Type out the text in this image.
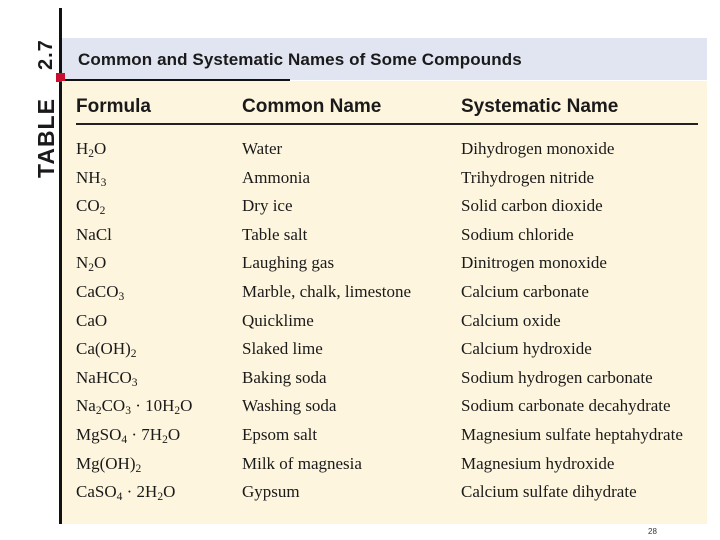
TABLE
2.7 Common and Systematic Names of Some Compounds
Formula	Common Name	Systematic Name
$H_2O$	Water	Dihydrogen monoxide
$NH_3$	Ammonia	Trihydrogen nitride
$CO_2$	Dry ice	Solid carbon dioxide
NaCl	Table salt	Sodium chloride
$N_2O$	Laughing gas	Dinitrogen monoxide
CaCO$_3$	Marble, chalk, limestone	Calcium carbonate
CaO	Quicklime	Calcium oxide
$Ca(OH)_2$	Slaked lime	Calcium hydroxide
NaHCO$_3$	Baking soda	Sodium hydrogen carbonate
$Na_2CO_3 \cdot 10H_2O$	Washing soda	Sodium carbonate decahydrate
MgSO$_4$ · $7H_2O$	Epsom salt	Magnesium sulfate heptahydrate
$Mg(OH)_2$	Milk of magnesia	Magnesium hydroxide
CaSO$_4$ · $2H_2O$	Gypsum	Calcium sulfate dihydrate
28
